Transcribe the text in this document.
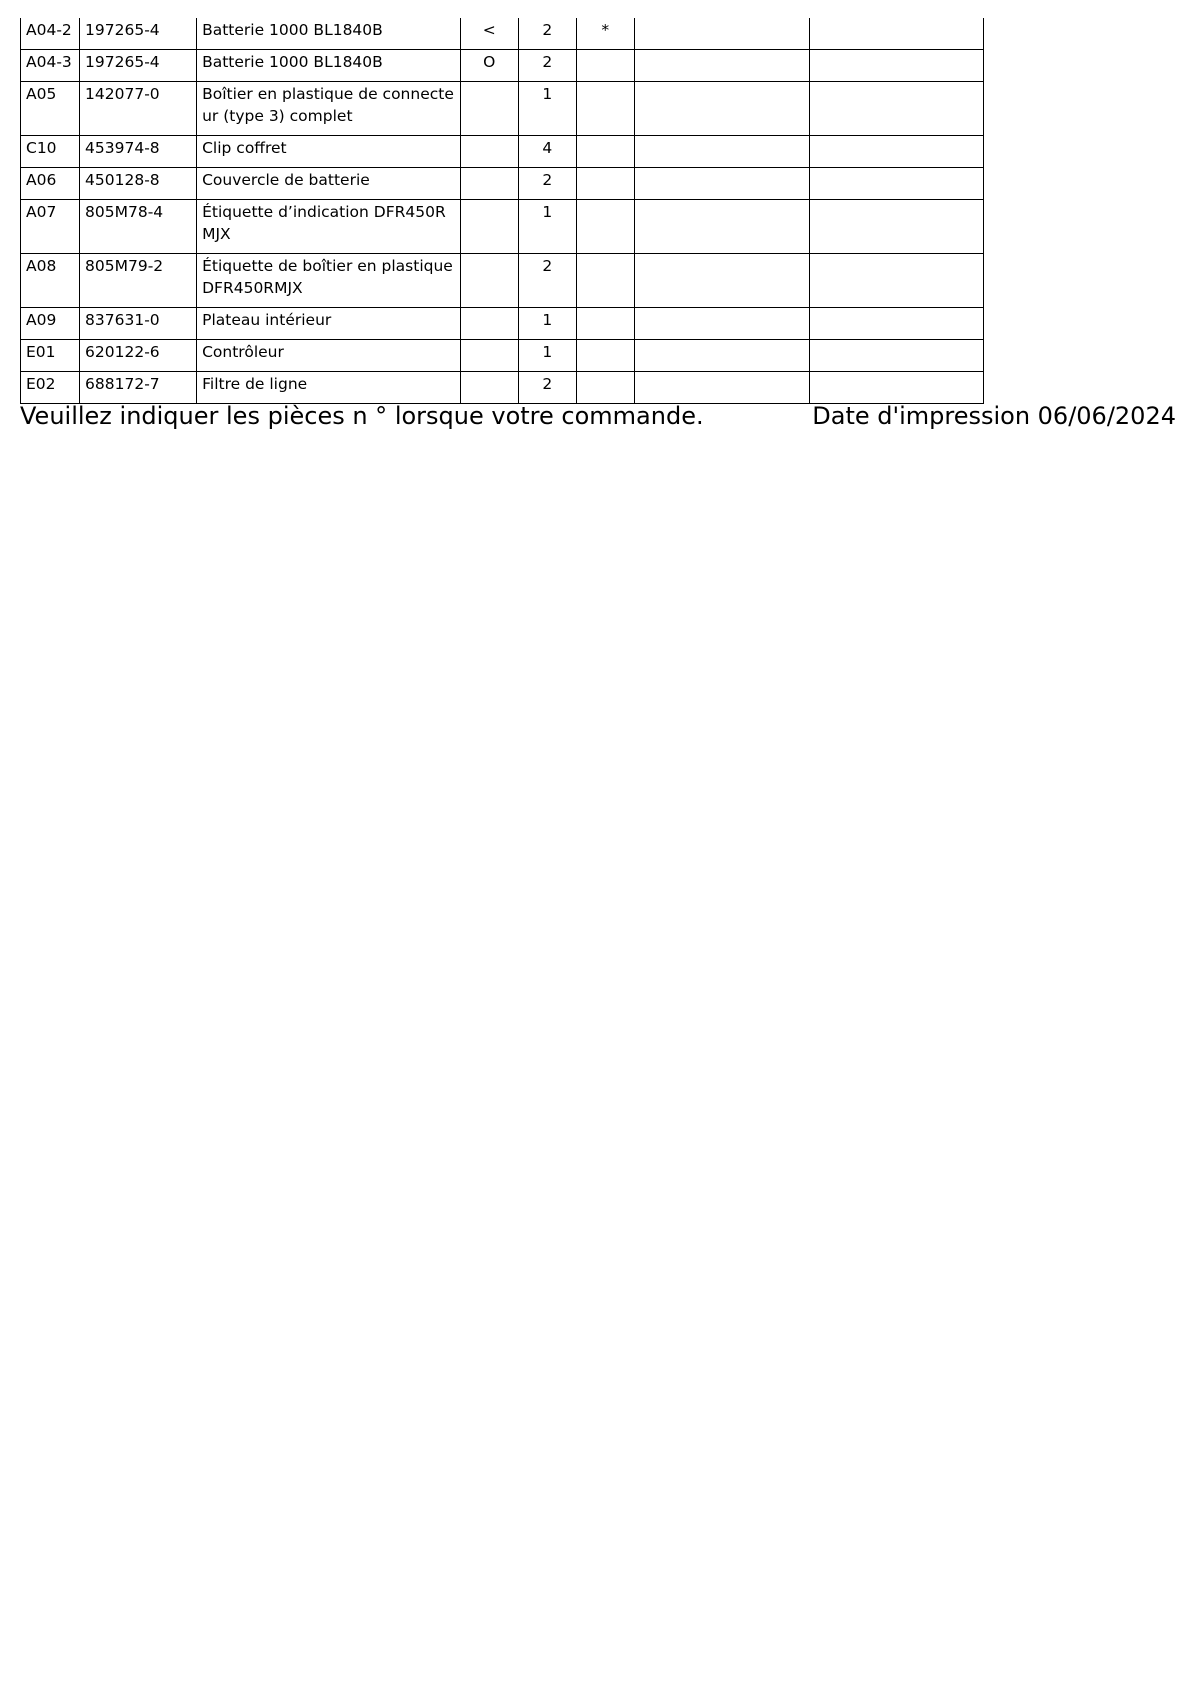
A04-2	197265-4	Batterie 1000 BL1840B	<	2	*		
A04-3	197265-4	Batterie 1000 BL1840B	O	2			
A05	142077-0	Boîtier en plastique de connecteur (type 3) complet		1			
C10	453974-8	Clip coffret		4			
A06	450128-8	Couvercle de batterie		2			
A07	805M78-4	Étiquette d’indication DFR450RMJX		1			
A08	805M79-2	Étiquette de boîtier en plastique DFR450RMJX		2			
A09	837631-0	Plateau intérieur		1			
E01	620122-6	Contrôleur		1			
E02	688172-7	Filtre de ligne		2			
Veuillez indiquer les pièces n ° lorsque votre commande.	Date d'impression 06/06/2024
